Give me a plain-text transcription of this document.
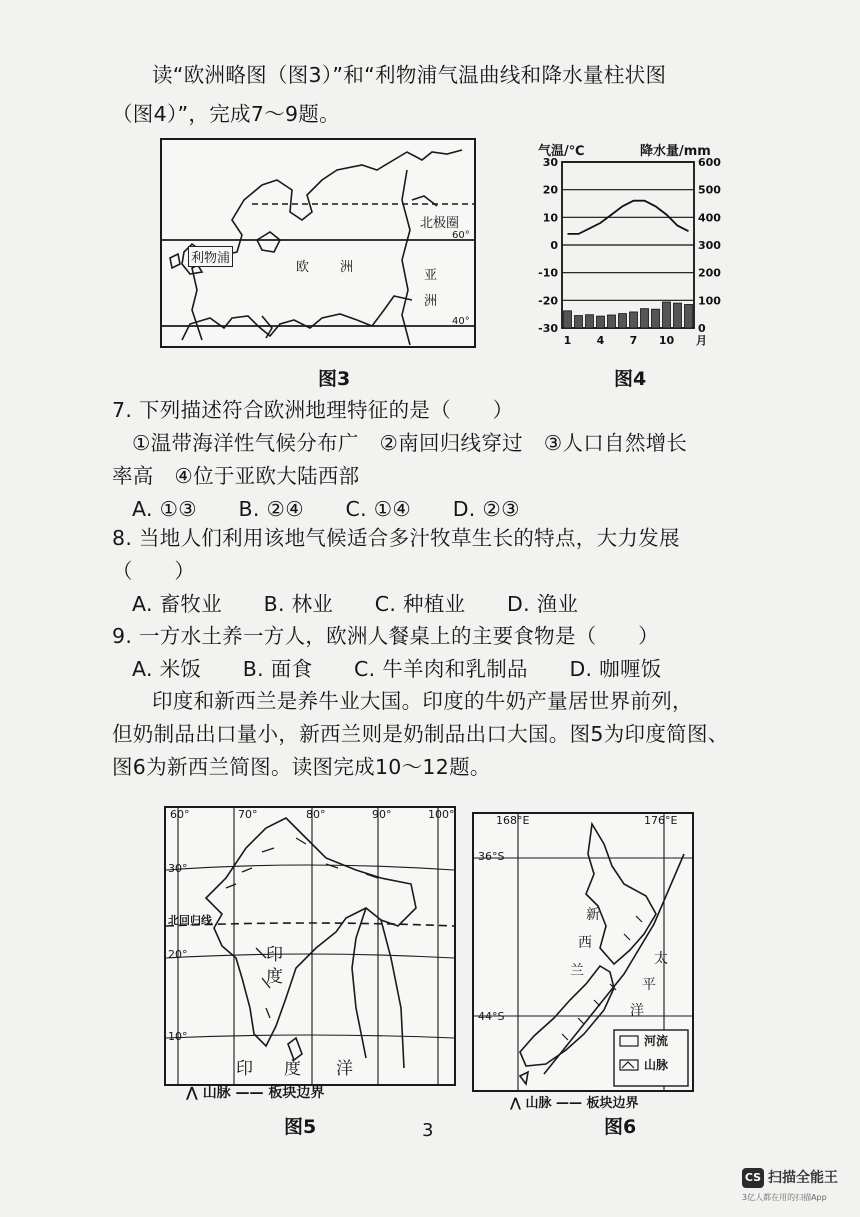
读“欧洲略图（图3）”和“利物浦气温曲线和降水量柱状图
（图4）”，完成7～9题。
利物浦
欧 洲
亚
洲
北极圈
60°
40°
图3
气温/℃	降水量/mm
30
20
10
0
-10
-20
-30
600
500
400
300
200
100
0
1 4 7 10 月
图4
7. 下列描述符合欧洲地理特征的是（　　）
①温带海洋性气候分布广　②南回归线穿过　③人口自然增长
率高　④位于亚欧大陆西部
A. ①③　　B. ②④　　C. ①④　　D. ②③
8. 当地人们利用该地气候适合多汁牧草生长的特点，大力发展
（　　）
A. 畜牧业　　B. 林业　　C. 种植业　　D. 渔业
9. 一方水土养一方人，欧洲人餐桌上的主要食物是（　　）
A. 米饭　　B. 面食　　C. 牛羊肉和乳制品　　D. 咖喱饭
印度和新西兰是养牛业大国。印度的牛奶产量居世界前列，
但奶制品出口量小，新西兰则是奶制品出口大国。图5为印度简图、
图6为新西兰简图。读图完成10～12题。
60°	70°	80°	90°	100°
30°
北回归线
20°
10°
印
度
印 度 洋
⋀ 山脉 —— 板块边界
图5
168°E	176°E
36°S
44°S
新
西
兰
太
平
洋
河流
山脉
⋀ 山脉 —— 板块边界
图6
3
CS 扫描全能王
3亿人都在用的扫描App
